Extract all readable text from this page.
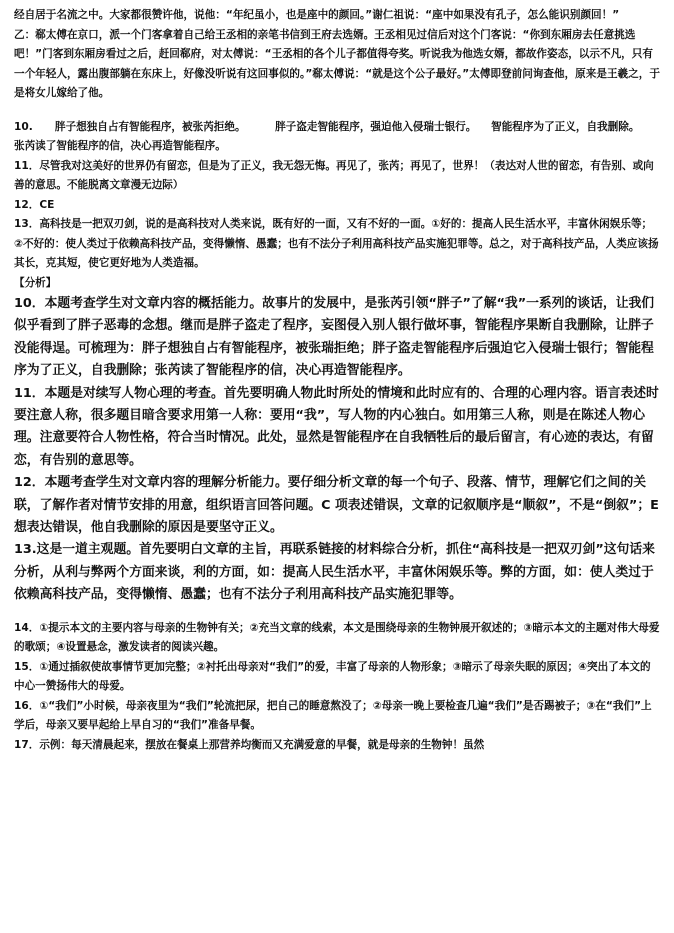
经自居于名流之中。大家都很赞许他，说他：“年纪虽小，也是座中的颜回。”谢仁祖说：“座中如果没有孔子，怎么能识别颜回！”
乙：郗太傅在京口，派一个门客拿着自己给王丞相的亲笔书信到王府去选婿。王丞相见过信后对这个门客说：“你到东厢房去任意挑选吧！”门客到东厢房看过之后，赶回郗府，对太傅说：“王丞相的各个儿子都值得夸奖。听说我为他选女婿，都故作姿态，以示不凡，只有一个年轻人，露出腹部躺在东床上，好像没听说有这回事似的。”郗太傅说：“就是这个公子最好。”太傅即登前问询查他，原来是王羲之，于是将女儿嫁给了他。

10.      胖子想独自占有智能程序，被张芮拒绝。        胖子盗走智能程序，强迫他入侵瑞士银行。    智能程序为了正义，自我删除。        张芮读了智能程序的信，决心再造智能程序。
11．尽管我对这美好的世界仍有留恋，但是为了正义，我无怨无悔。再见了，张芮；再见了，世界！（表达对人世的留恋，有告别、或向善的意思。不能脱离文章漫无边际）
12．CE
13．高科技是一把双刃剑，说的是高科技对人类来说，既有好的一面，又有不好的一面。①好的：提高人民生活水平，丰富休闲娱乐等；②不好的：使人类过于依赖高科技产品，变得懒惰、愚蠢；也有不法分子利用高科技产品实施犯罪等。总之，对于高科技产品，人类应该扬其长，克其短，使它更好地为人类造福。
【分析】

10．本题考查学生对文章内容的概括能力。故事片的发展中，是张芮引领“胖子”了解“我”一系列的谈话，让我们似乎看到了胖子恶毒的念想。继而是胖子盗走了程序，妄图侵入别人银行做坏事，智能程序果断自我删除，让胖子没能得逞。可梳理为：胖子想独自占有智能程序，被张瑞拒绝；胖子盗走智能程序后强迫它入侵瑞士银行；智能程序为了正义，自我删除；张芮读了智能程序的信，决心再造智能程序。
11．本题是对续写人物心理的考查。首先要明确人物此时所处的情境和此时应有的、合理的心理内容。语言表述时要注意人称，很多题目暗含要求用第一人称：要用“我”，写人物的内心独白。如用第三人称，则是在陈述人物心理。注意要符合人物性格，符合当时情况。此处，显然是智能程序在自我牺牲后的最后留言，有心迹的表达，有留恋，有告别的意思等。
12．本题考查学生对文章内容的理解分析能力。要仔细分析文章的每一个句子、段落、情节，理解它们之间的关联，了解作者对情节安排的用意，组织语言回答问题。C 项表述错误，文章的记叙顺序是“顺叙”，不是“倒叙”；E 想表达错误，他自我删除的原因是要坚守正义。
13.这是一道主观题。首先要明白文章的主旨，再联系链接的材料综合分析，抓住“高科技是一把双刃剑”这句话来分析，从利与弊两个方面来谈，利的方面，如：提高人民生活水平，丰富休闲娱乐等。弊的方面，如：使人类过于依赖高科技产品，变得懒惰、愚蠢；也有不法分子利用高科技产品实施犯罪等。

14．①提示本文的主要内容与母亲的生物钟有关；②充当文章的线索，本文是围绕母亲的生物钟展开叙述的；③暗示本文的主题对伟大母爱的歌颂；④设置悬念，激发读者的阅读兴趣。
15．①通过插叙使故事情节更加完整；②衬托出母亲对“我们”的爱，丰富了母亲的人物形象；③暗示了母亲失眠的原因；④突出了本文的中心一赞扬伟大的母爱。
16．①“我们”小时候，母亲夜里为“我们”轮流把尿，把自己的睡意熬没了；②母亲一晚上要检查几遍“我们”是否踢被子；③在“我们”上学后，母亲又要早起给上早自习的“我们”准备早餐。
17．示例：每天清晨起来，摆放在餐桌上那营养均衡而又充满爱意的早餐，就是母亲的生物钟！虽然
